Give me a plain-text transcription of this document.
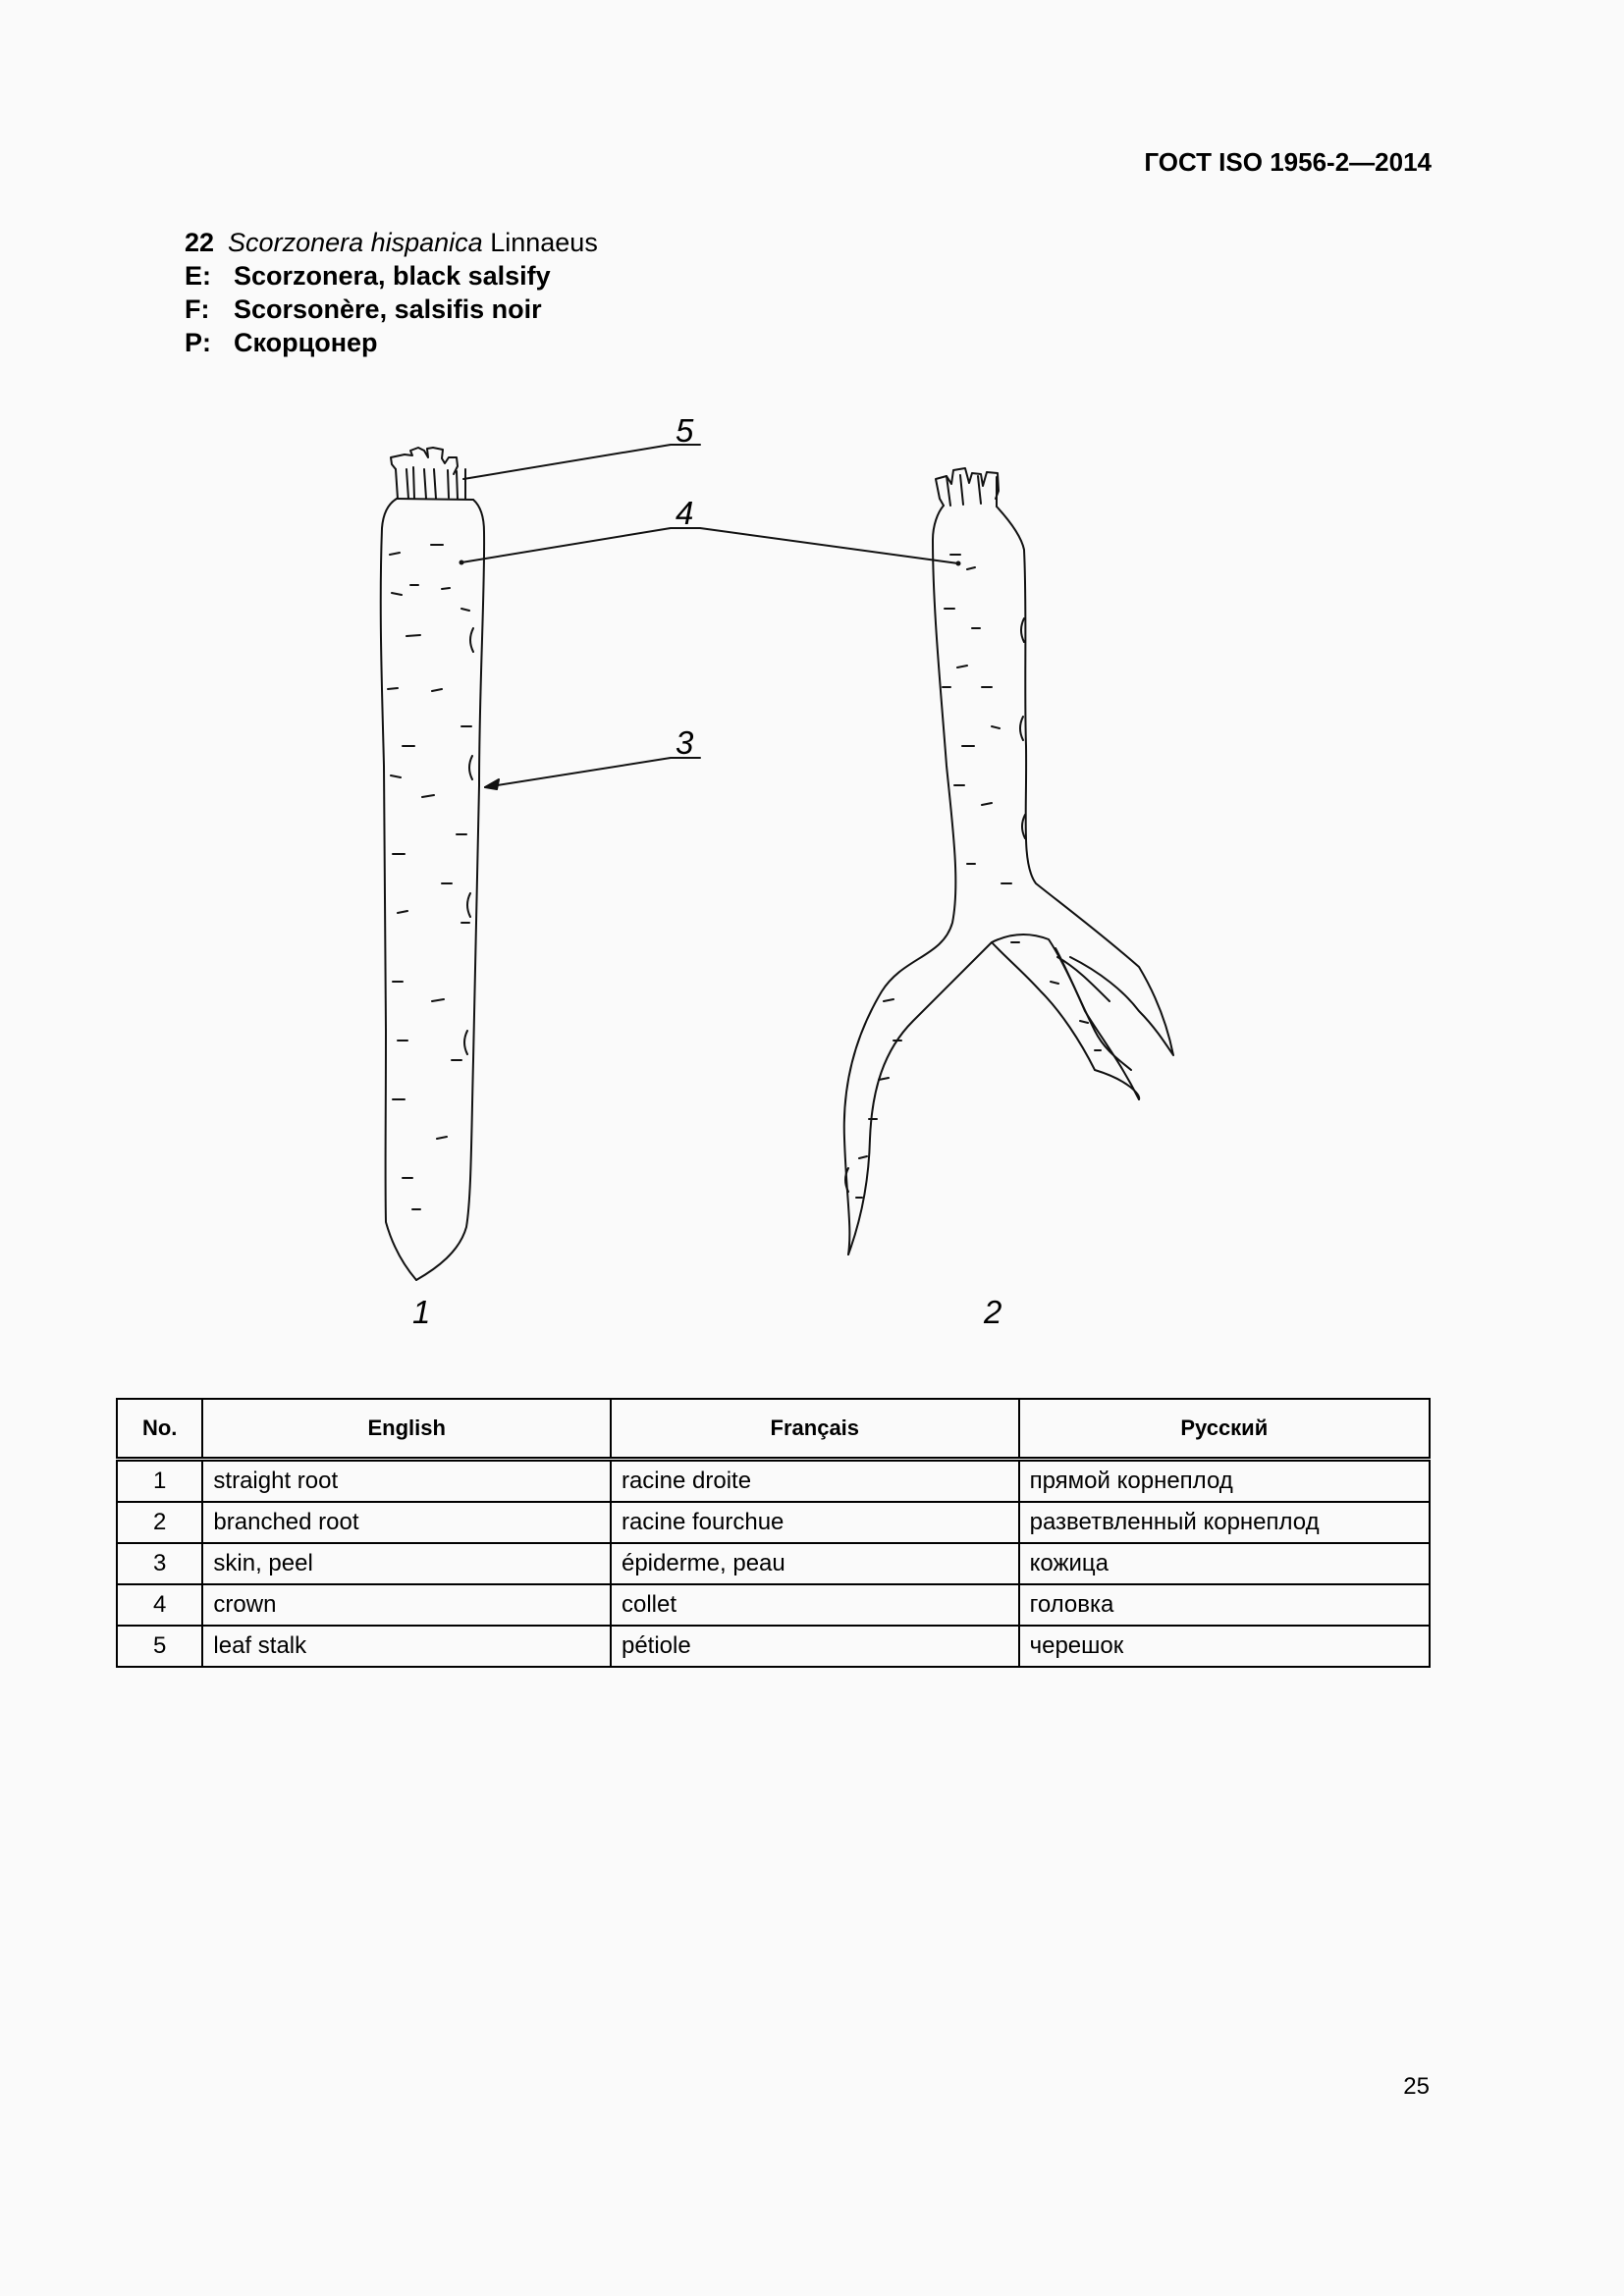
ГОСТ ISO 1956-2—2014
22 Scorzonera hispanica Linnaeus
E: Scorzonera, black salsify
F: Scorsonère, salsifis noir
P: Скорцонер
5
4
3
1	2
No.	English	Français	Русский
1	straight root	racine droite	прямой корнеплод
2	branched root	racine fourchue	разветвленный корнеплод
3	skin, peel	épiderme, peau	кожица
4	crown	collet	головка
5	leaf stalk	pétiole	черешок
25
